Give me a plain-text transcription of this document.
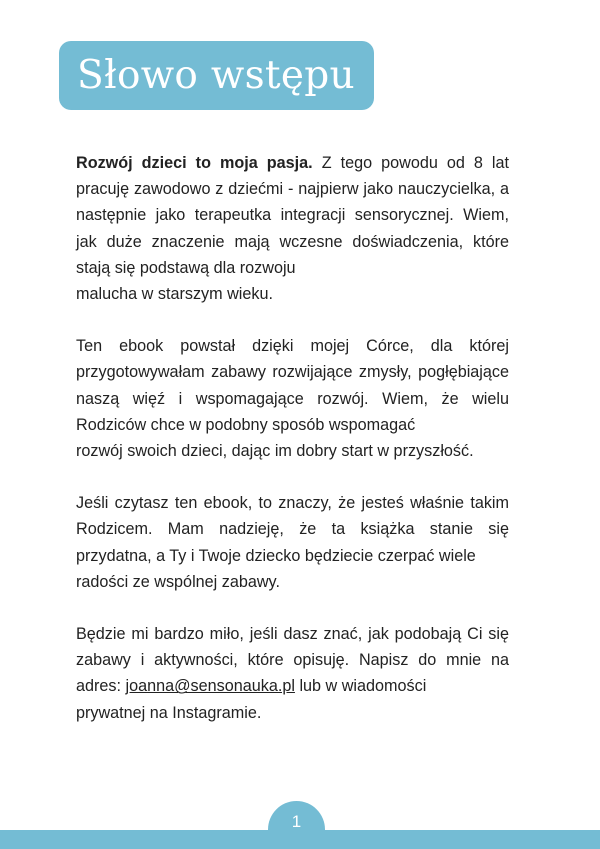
Słowo wstępu

Rozwój dzieci to moja pasja. Z tego powodu od 8 lat pracuję zawodowo z dziećmi - najpierw jako nauczycielka, a następnie jako terapeutka integracji sensorycznej. Wiem, jak duże znaczenie mają wczesne doświadczenia, które stają się podstawą dla rozwoju
malucha w starszym wieku.

Ten ebook powstał dzięki mojej Córce, dla której przygotowywałam zabawy rozwijające zmysły, pogłębiające naszą więź i wspomagające rozwój. Wiem, że wielu Rodziców chce w podobny sposób wspomagać
rozwój swoich dzieci, dając im dobry start w przyszłość.

Jeśli czytasz ten ebook, to znaczy, że jesteś właśnie takim Rodzicem. Mam nadzieję, że ta książka stanie się przydatna, a Ty i Twoje dziecko będziecie czerpać wiele
radości ze wspólnej zabawy.

Będzie mi bardzo miło, jeśli dasz znać, jak podobają Ci się zabawy i aktywności, które opisuję. Napisz do mnie na adres: joanna@sensonauka.pl lub w wiadomości
prywatnej na Instagramie.

1
